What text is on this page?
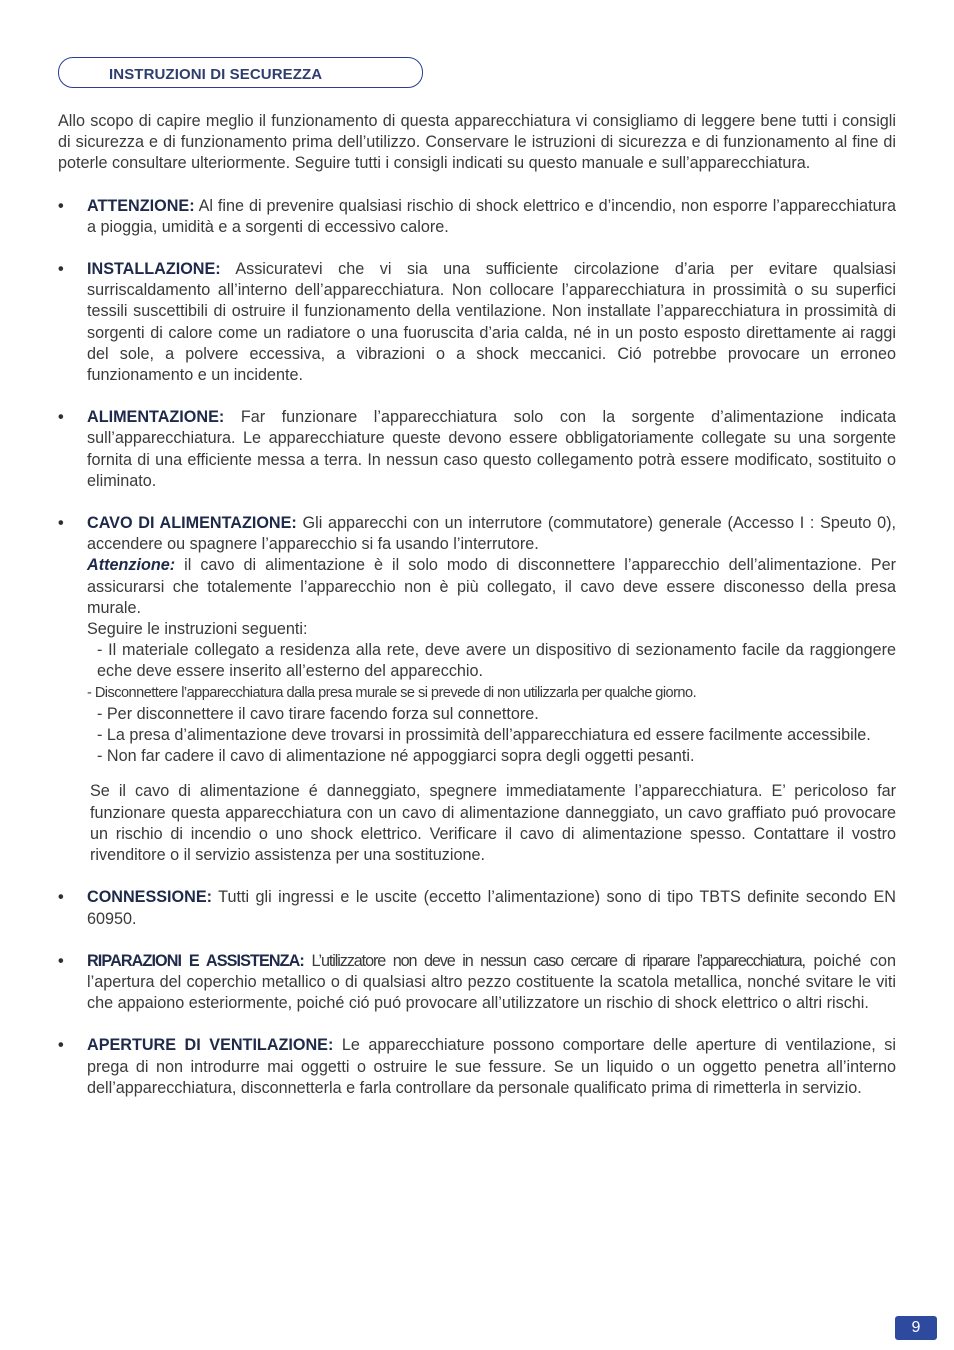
INSTRUZIONI DI SECUREZZA

Allo scopo di capire meglio il funzionamento di questa apparecchiatura vi consigliamo di leggere bene tutti i consigli di sicurezza e di funzionamento prima dell’utilizzo. Conservare le istruzioni di sicurezza e di funzionamento al fine di poterle consultare ulteriormente. Seguire tutti i consigli indicati su questo manuale e sull’apparecchiatura.

• ATTENZIONE: Al fine di prevenire qualsiasi rischio di shock elettrico e d’incendio, non esporre l’apparecchiatura a pioggia, umidità e a sorgenti di eccessivo calore.

• INSTALLAZIONE: Assicuratevi che vi sia una sufficiente circolazione d’aria per evitare qualsiasi surriscaldamento all’interno dell’apparecchiatura. Non collocare l’apparecchiatura in prossimità o su superfici tessili suscettibili di ostruire il funzionamento della ventilazione. Non installate l’apparecchiatura in prossimità di sorgenti di calore come un radiatore o una fuoruscita d’aria calda, né in un posto esposto direttamente ai raggi del sole, a polvere eccessiva, a vibrazioni o a shock meccanici. Ció potrebbe provocare un erroneo funzionamento e un incidente.

• ALIMENTAZIONE: Far funzionare l’apparecchiatura solo con la sorgente d’alimentazione indicata sull’apparecchiatura. Le apparecchiature queste devono essere obbligatoriamente collegate su una sorgente fornita di una efficiente messa a terra. In nessun caso questo collegamento potrà essere modificato, sostituito o eliminato.

• CAVO DI ALIMENTAZIONE: Gli apparecchi con un interrutore (commutatore) generale (Accesso I : Speuto 0), accendere ou spagnere l’apparecchio si fa usando l’interrutore.
Attenzione: il cavo di alimentazione è il solo modo di disconnettere l’apparecchio dell’alimentazione. Per assicurarsi che totalemente l’apparecchio non è più collegato, il cavo deve essere disconesso della presa murale.

Seguire le instruzioni seguenti:

- Il materiale collegato a residenza alla rete, deve avere un dispositivo di sezionamento facile da raggiongere eche deve essere inserito all’esterno del apparecchio.
- Disconnettere l’apparecchiatura dalla presa murale se si prevede di non utilizzarla per qualche giorno.
- Per disconnettere il cavo tirare facendo forza sul connettore.
- La presa d’alimentazione deve trovarsi in prossimità dell’apparecchiatura ed essere facilmente accessibile.
- Non far cadere il cavo di alimentazione né appoggiarci sopra degli oggetti pesanti.

Se il cavo di alimentazione é danneggiato, spegnere immediatamente l’apparecchiatura. E’ pericoloso far funzionare questa apparecchiatura con un cavo di alimentazione danneggiato, un cavo graffiato puó provocare un rischio di incendio o uno shock elettrico. Verificare il cavo di alimentazione spesso. Contattare il vostro rivenditore o il servizio assistenza per una sostituzione.

• CONNESSIONE: Tutti gli ingressi e le uscite (eccetto l’alimentazione) sono di tipo TBTS definite secondo EN 60950.

• RIPARAZIONI E ASSISTENZA: L’utilizzatore non deve in nessun caso cercare di riparare l’apparecchiatura, poiché con l’apertura del coperchio metallico o di qualsiasi altro pezzo costituente la scatola metallica, nonché svitare le viti che appaiono esteriormente, poiché ció puó provocare all’utilizzatore un rischio di shock elettrico o altri rischi.

• APERTURE DI VENTILAZIONE: Le apparecchiature possono comportare delle aperture di ventilazione, si prega di non introdurre mai oggetti o ostruire le sue fessure. Se un liquido o un oggetto penetra all’interno dell’apparecchiatura, disconnetterla e farla controllare da personale qualificato prima di rimetterla in servizio.

9
